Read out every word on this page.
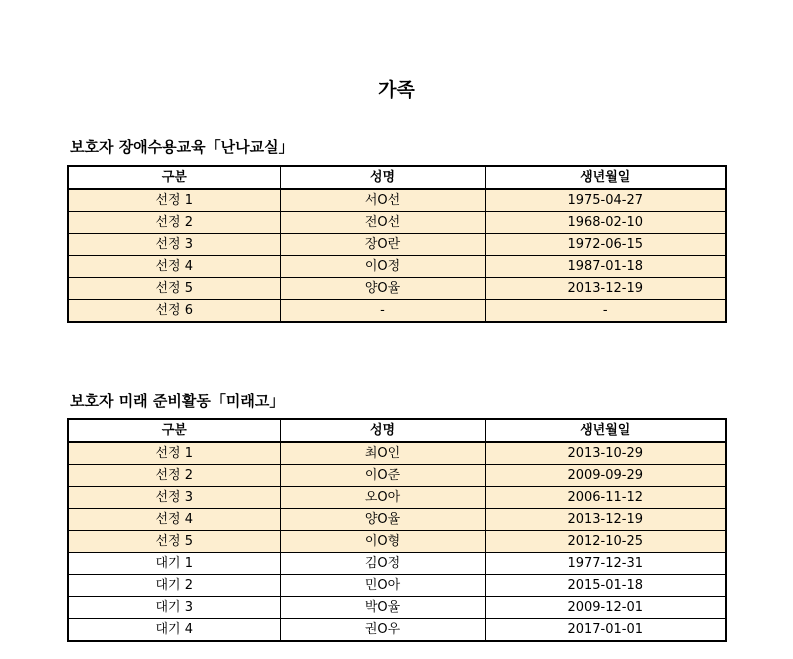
가족
보호자 장애수용교육「난나교실」
구분	성명	생년월일
선정 1	서O선	1975-04-27
선정 2	전O선	1968-02-10
선정 3	장O란	1972-06-15
선정 4	이O정	1987-01-18
선정 5	양O율	2013-12-19
선정 6	-	-
보호자 미래 준비활동「미래고」
구분	성명	생년월일
선정 1	최O인	2013-10-29
선정 2	이O준	2009-09-29
선정 3	오O아	2006-11-12
선정 4	양O율	2013-12-19
선정 5	이O형	2012-10-25
대기 1	김O정	1977-12-31
대기 2	민O아	2015-01-18
대기 3	박O율	2009-12-01
대기 4	권O우	2017-01-01
